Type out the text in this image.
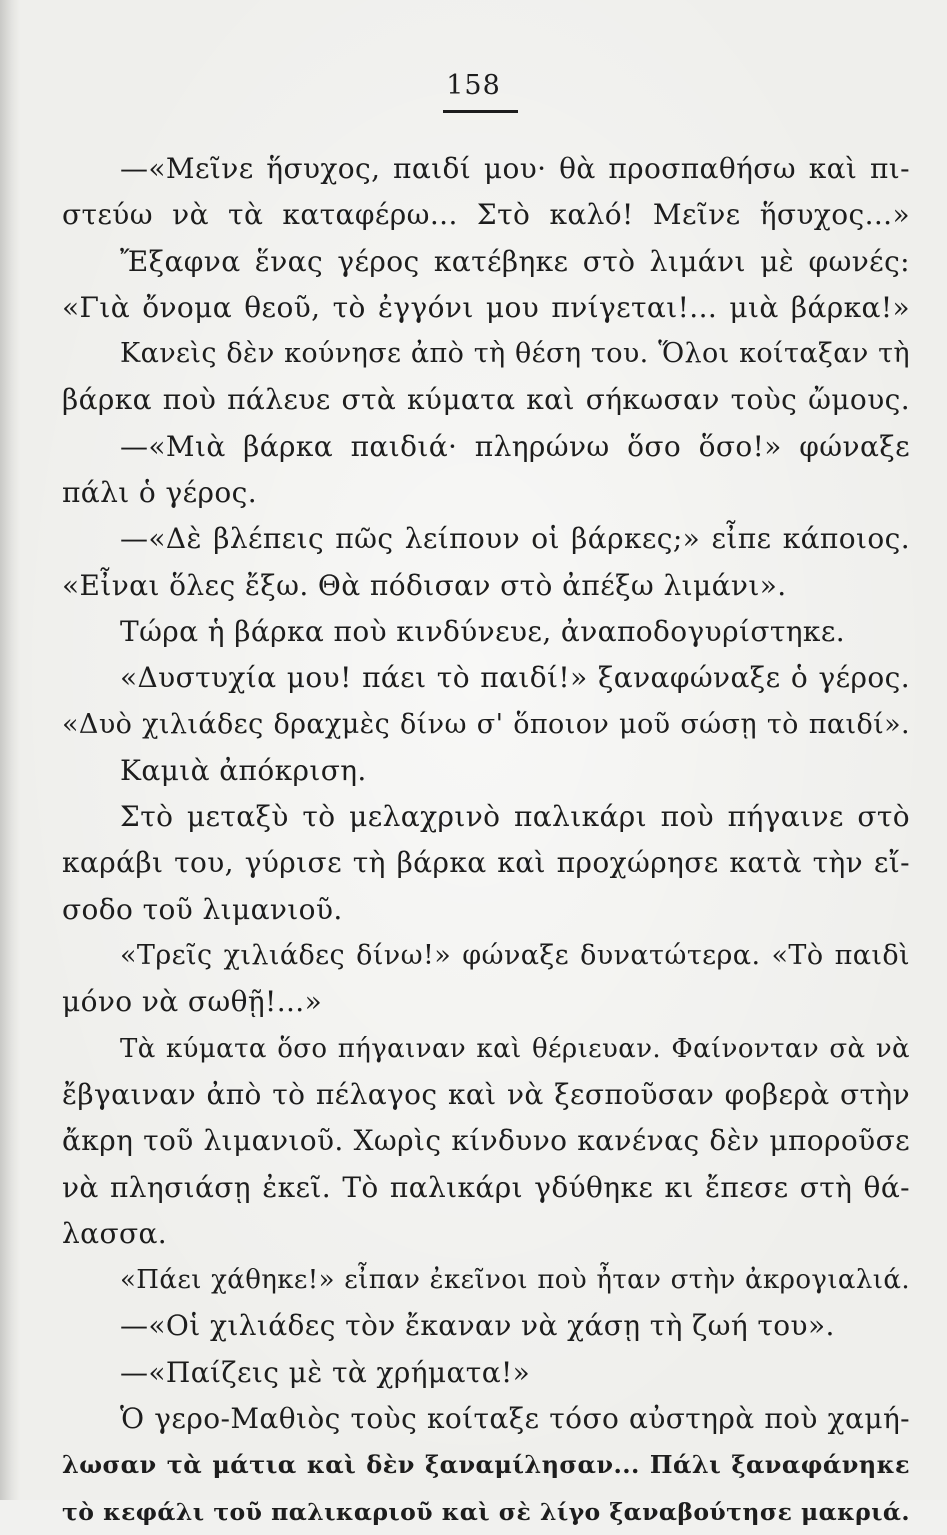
158
—«Μεῖνε ἥσυχος, παιδί μου· θὰ προσπαθήσω καὶ πι-
στεύω νὰ τὰ καταφέρω... Στὸ καλό! Μεῖνε ἥσυχος...»
Ἔξαφνα ἕνας γέρος κατέβηκε στὸ λιμάνι μὲ φωνές:
«Γιὰ ὄνομα θεοῦ, τὸ ἐγγόνι μου πνίγεται!... μιὰ βάρκα!»
Κανεὶς δὲν κούνησε ἀπὸ τὴ θέση του. Ὅλοι κοίταξαν τὴ
βάρκα ποὺ πάλευε στὰ κύματα καὶ σήκωσαν τοὺς ὤμους.
—«Μιὰ βάρκα παιδιά· πληρώνω ὅσο ὅσο!» φώναξε
πάλι ὁ γέρος.
—«Δὲ βλέπεις πῶς λείπουν οἱ βάρκες;» εἶπε κάποιος.
«Εἶναι ὅλες ἔξω. Θὰ πόδισαν στὸ ἀπέξω λιμάνι».
Τώρα ἡ βάρκα ποὺ κινδύνευε, ἀναποδογυρίστηκε.
«Δυστυχία μου! πάει τὸ παιδί!» ξαναφώναξε ὁ γέρος.
«Δυὸ χιλιάδες δραχμὲς δίνω σ' ὅποιον μοῦ σώσῃ τὸ παιδί».
Καμιὰ ἀπόκριση.
Στὸ μεταξὺ τὸ μελαχρινὸ παλικάρι ποὺ πήγαινε στὸ
καράβι του, γύρισε τὴ βάρκα καὶ προχώρησε κατὰ τὴν εἴ-
σοδο τοῦ λιμανιοῦ.
«Τρεῖς χιλιάδες δίνω!» φώναξε δυνατώτερα. «Τὸ παιδὶ
μόνο νὰ σωθῇ!...»
Τὰ κύματα ὅσο πήγαιναν καὶ θέριευαν. Φαίνονταν σὰ νὰ
ἔβγαιναν ἀπὸ τὸ πέλαγος καὶ νὰ ξεσποῦσαν φοβερὰ στὴν
ἄκρη τοῦ λιμανιοῦ. Χωρὶς κίνδυνο κανένας δὲν μποροῦσε
νὰ πλησιάσῃ ἐκεῖ. Τὸ παλικάρι γδύθηκε κι ἔπεσε στὴ θά-
λασσα.
«Πάει χάθηκε!» εἶπαν ἐκεῖνοι ποὺ ἦταν στὴν ἀκρογιαλιά.
—«Οἱ χιλιάδες τὸν ἔκαναν νὰ χάσῃ τὴ ζωή του».
—«Παίζεις μὲ τὰ χρήματα!»
Ὁ γερο-Μαθιὸς τοὺς κοίταξε τόσο αὐστηρὰ ποὺ χαμή-
λωσαν τὰ μάτια καὶ δὲν ξαναμίλησαν... Πάλι ξαναφάνηκε
τὸ κεφάλι τοῦ παλικαριοῦ καὶ σὲ λίγο ξαναβούτησε μακριά.
